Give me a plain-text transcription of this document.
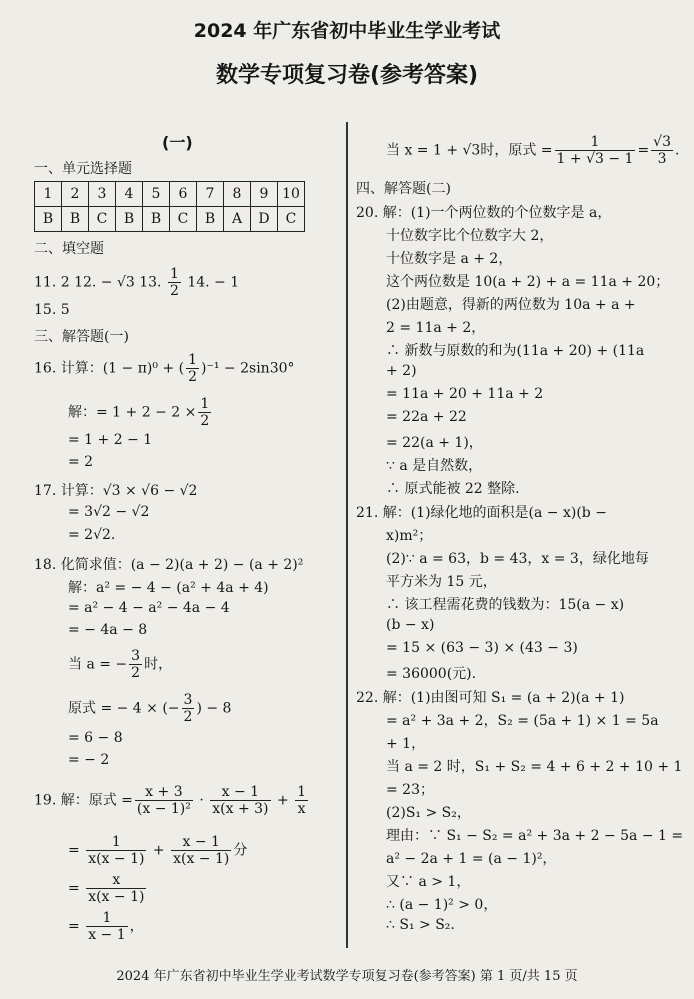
2024 年广东省初中毕业生学业考试
数学专项复习卷(参考答案)
(一)
一、单元选择题
1	2	3	4	5	6	7	8	9	10
B	B	C	B	B	C	B	A	D	C
二、填空题
11. 2 12. − √3 13. $\frac{1}{2} 14$. − 1
15. 5
三、解答题(一)
16. 计算：(1 − π)⁰ + ( $\frac{1}{2} )^{-1} - 2\sin 30^\circ$
解：= $1 + 2 - 2 \times \frac{1}{2}$
= 1 + 2 − 1
= 2
17. 计算：√3 × √6 − √2
= 3√2 − √2
= 2√2.
18. 化简求值：(a − 2)(a + 2) − (a + 2)²
解：a² = − 4 − (a² + 4a + 4)
= a² − 4 − a² − 4a − 4
= − 4a − 8
当 a = − $\frac{3}{2}$ 时，
原式 = − 4 × (− $\frac{3}{2}$ ) − 8
= 6 − 8
= − 2
19. 解：原式 = $\frac{x + 3}{\text{(x − 1)²}} \cdot \frac{x - 1}{x(x + 3)} + \frac{1}{x}$
= $\frac{1}{x(x - 1)} + \frac{x - 1}{x(x - 1)}$ 分
= $\frac{x}{x(x - 1)}$
= $\frac{1}{x - 1}$ ，
当 x = 1 + √3时，原式 = $\frac{1}{1 + √3 - 1} = \frac{√3}{3}$ .
四、解答题(二)
20. 解：(1)一个两位数的个位数字是 a，
十位数字比个位数字大 2，
十位数字是 a + 2，
这个两位数是 10(a + 2) + a = 11a + 20；
(2)由题意，得新的两位数为 10a + a +
2 = 11a + 2，
∴ 新数与原数的和为(11a + 20) + (11a
+ 2)
= 11a + 20 + 11a + 2
= 22a + 22
= 22(a + 1)，
∵ a 是自然数，
∴ 原式能被 22 整除.
21. 解：(1)绿化地的面积是(a − x)(b −
x)m²；
(2)∵ a = 63，b = 43，x = 3，绿化地每
平方米为 15 元，
∴ 该工程需花费的钱数为：15(a − x)
(b − x)
= 15 × (63 − 3) × (43 − 3)
= 36000(元).
22. 解：(1)由图可知 S₁ = (a + 2)(a + 1)
= a² + 3a + 2，S₂ = (5a + 1) × 1 = 5a
+ 1，
当 a = 2 时，S₁ + S₂ = 4 + 6 + 2 + 10 + 1
= 23；
(2)S₁ > S₂，
理由：∵ S₁ − S₂ = a² + 3a + 2 − 5a − 1 =
a² − 2a + 1 = (a − 1)²，
又∵ a > 1，
∴ (a − 1)² > 0，
∴ S₁ > S₂.
2024 年广东省初中毕业生学业考试数学专项复习卷(参考答案) 第 1 页/共 15 页
